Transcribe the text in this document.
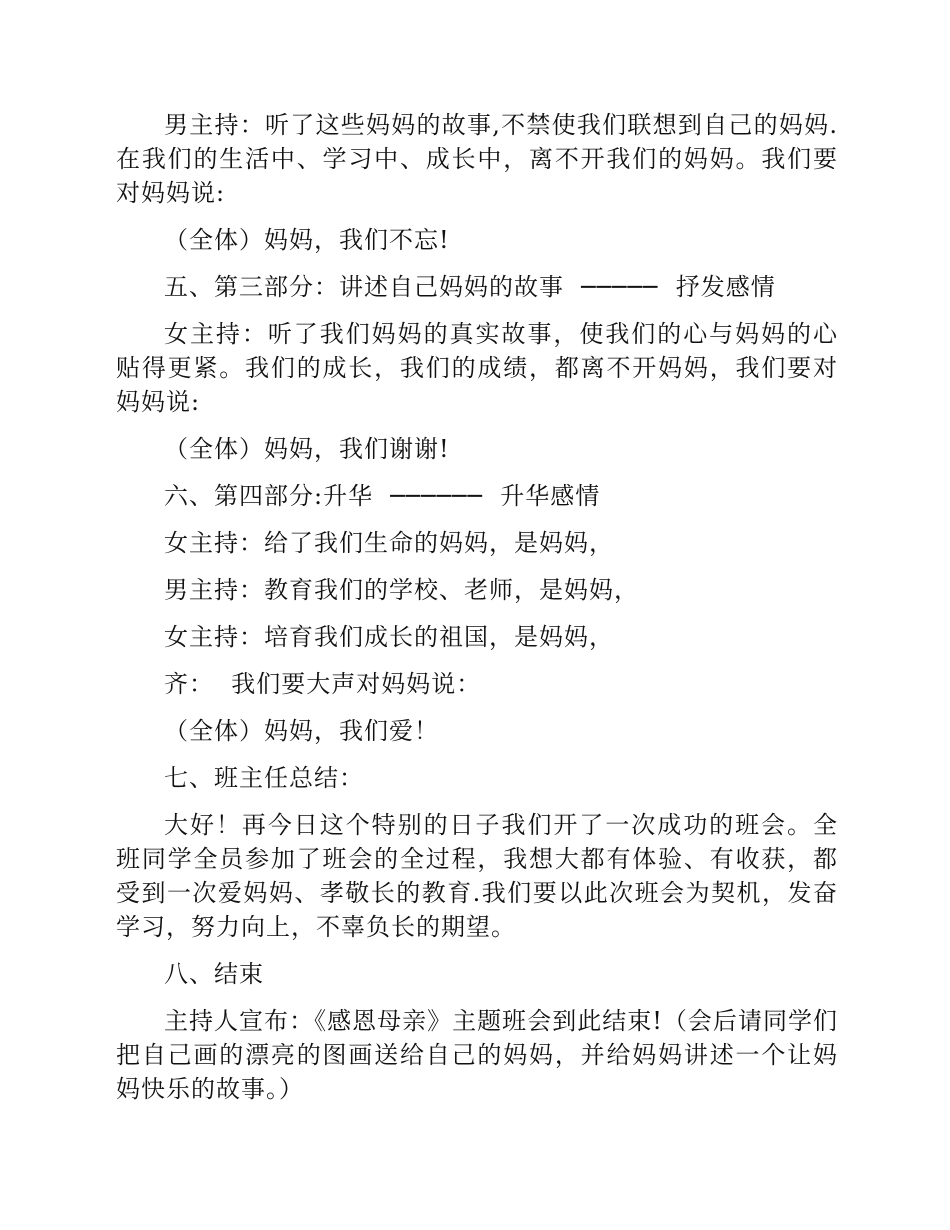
男主持：听了这些妈妈的故事,不禁使我们联想到自己的妈妈.在我们的生活中、学习中、成长中，离不开我们的妈妈。我们要对妈妈说:

（全体）妈妈，我们不忘!

五、第三部分：讲述自己妈妈的故事  ─────  抒发感情

女主持：听了我们妈妈的真实故事，使我们的心与妈妈的心贴得更紧。我们的成长，我们的成绩，都离不开妈妈，我们要对妈妈说:

（全体）妈妈，我们谢谢!

六、第四部分:升华  ──────  升华感情

女主持：给了我们生命的妈妈，是妈妈，

男主持：教育我们的学校、老师，是妈妈，

女主持：培育我们成长的祖国，是妈妈，

齐：  我们要大声对妈妈说：

（全体）妈妈，我们爱！

七、班主任总结：

大好！再今日这个特别的日子我们开了一次成功的班会。全班同学全员参加了班会的全过程，我想大都有体验、有收获，都受到一次爱妈妈、孝敬长的教育.我们要以此次班会为契机，发奋学习，努力向上，不辜负长的期望。

八、结束

主持人宣布：《感恩母亲》主题班会到此结束!（会后请同学们把自己画的漂亮的图画送给自己的妈妈，并给妈妈讲述一个让妈妈快乐的故事。）
